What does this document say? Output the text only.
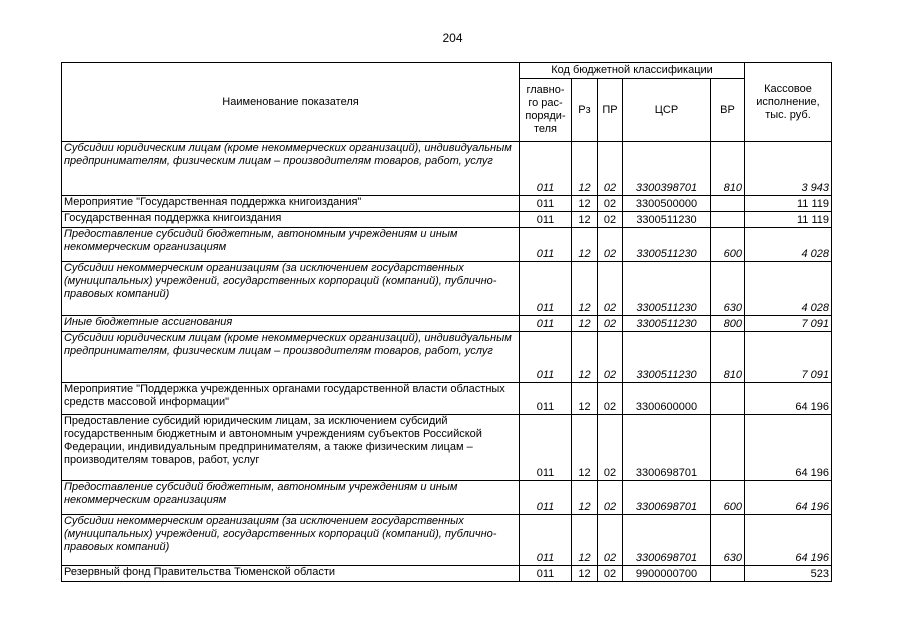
204
Наименование показателя	Код бюджетной классификации					Кассовое исполнение, тыс. руб.
	главно-
го рас-
поряди-
теля	Рз	ПР	ЦСР	ВР	
Субсидии юридическим лицам (кроме некоммерческих организаций), индивидуальным предпринимателям, физическим лицам – производителям товаров, работ, услуг	011	12	02	3300398701	810	3 943
Мероприятие "Государственная поддержка книгоиздания"	011	12	02	3300500000		11 119
Государственная поддержка книгоиздания	011	12	02	3300511230		11 119
Предоставление субсидий бюджетным, автономным учреждениям и иным некоммерческим организациям	011	12	02	3300511230	600	4 028
Субсидии некоммерческим организациям (за исключением государственных (муниципальных) учреждений, государственных корпораций (компаний), публично-правовых компаний)	011	12	02	3300511230	630	4 028
Иные бюджетные ассигнования	011	12	02	3300511230	800	7 091
Субсидии юридическим лицам (кроме некоммерческих организаций), индивидуальным предпринимателям, физическим лицам – производителям товаров, работ, услуг	011	12	02	3300511230	810	7 091
Мероприятие "Поддержка учрежденных органами государственной власти областных средств массовой информации"	011	12	02	3300600000		64 196
Предоставление субсидий юридическим лицам, за исключением субсидий государственным бюджетным и автономным учреждениям субъектов Российской Федерации, индивидуальным предпринимателям, а также физическим лицам – производителям товаров, работ, услуг	011	12	02	3300698701		64 196
Предоставление субсидий бюджетным, автономным учреждениям и иным некоммерческим организациям	011	12	02	3300698701	600	64 196
Субсидии некоммерческим организациям (за исключением государственных (муниципальных) учреждений, государственных корпораций (компаний), публично-правовых компаний)	011	12	02	3300698701	630	64 196
Резервный фонд Правительства Тюменской области	011	12	02	9900000700		523
